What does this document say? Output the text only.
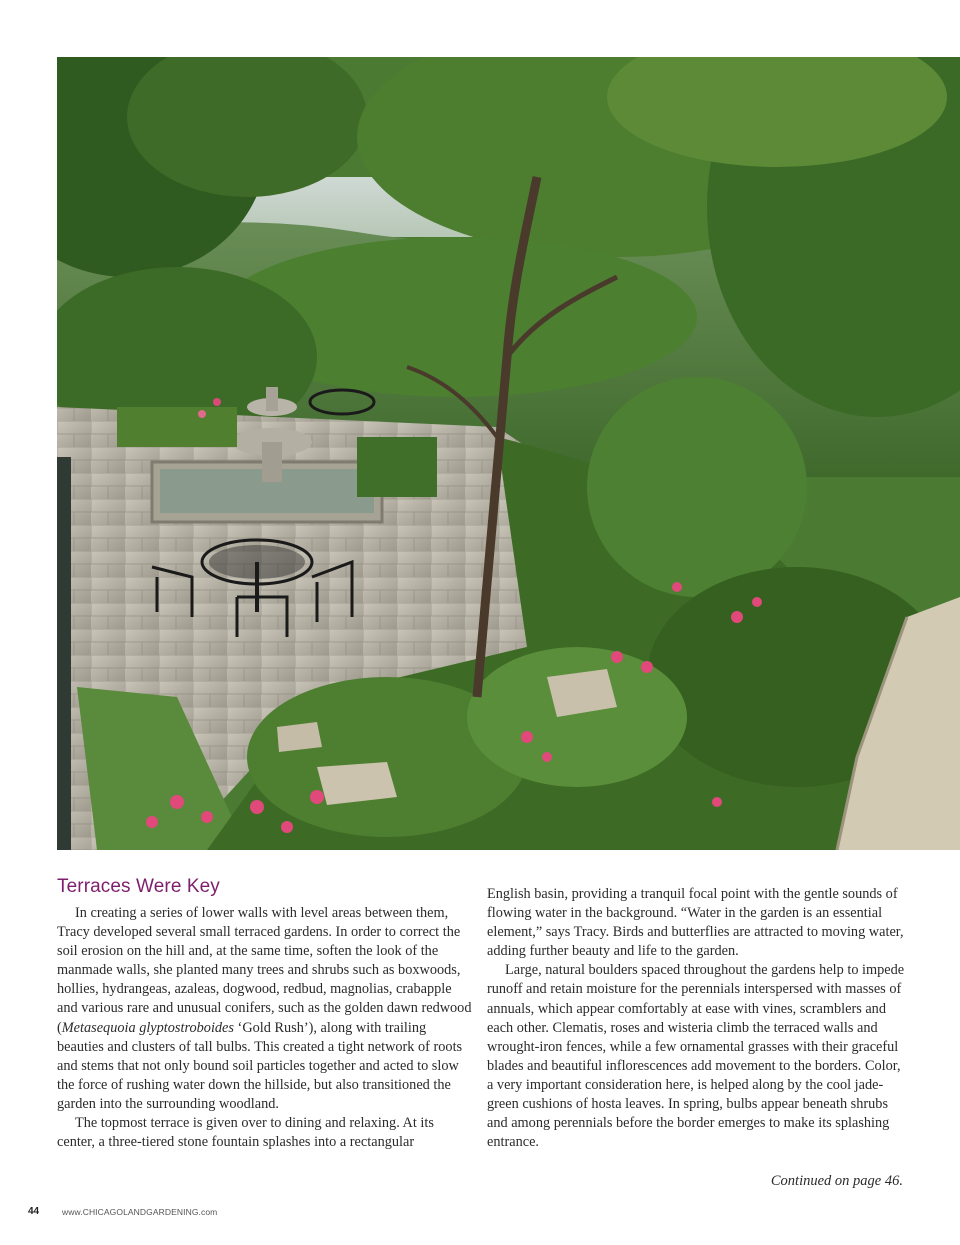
Terraces Were Key

In creating a series of lower walls with level areas between them, Tracy developed several small terraced gardens. In order to correct the soil erosion on the hill and, at the same time, soften the look of the manmade walls, she planted many trees and shrubs such as boxwoods, hollies, hydrangeas, azaleas, dogwood, redbud, magnolias, crabapple and various rare and unusual conifers, such as the golden dawn redwood (Metasequoia glyptostroboides ‘Gold Rush’), along with trailing beauties and clusters of tall bulbs. This created a tight network of roots and stems that not only bound soil particles together and acted to slow the force of rushing water down the hillside, but also transitioned the garden into the surrounding woodland.

The topmost terrace is given over to dining and relaxing. At its center, a three-tiered stone fountain splashes into a rectangular

English basin, providing a tranquil focal point with the gentle sounds of flowing water in the background. “Water in the garden is an essential element,” says Tracy. Birds and butterflies are attracted to moving water, adding further beauty and life to the garden.

Large, natural boulders spaced throughout the gardens help to impede runoff and retain moisture for the perennials interspersed with masses of annuals, which appear comfortably at ease with vines, scramblers and each other. Clematis, roses and wisteria climb the terraced walls and wrought-iron fences, while a few ornamental grasses with their graceful blades and beautiful inflorescences add movement to the borders. Color, a very important consideration here, is helped along by the cool jade-green cushions of hosta leaves. In spring, bulbs appear beneath shrubs and among perennials before the border emerges to make its splashing entrance.

Continued on page 46.
44	www.CHICAGOLANDGARDENING.com
